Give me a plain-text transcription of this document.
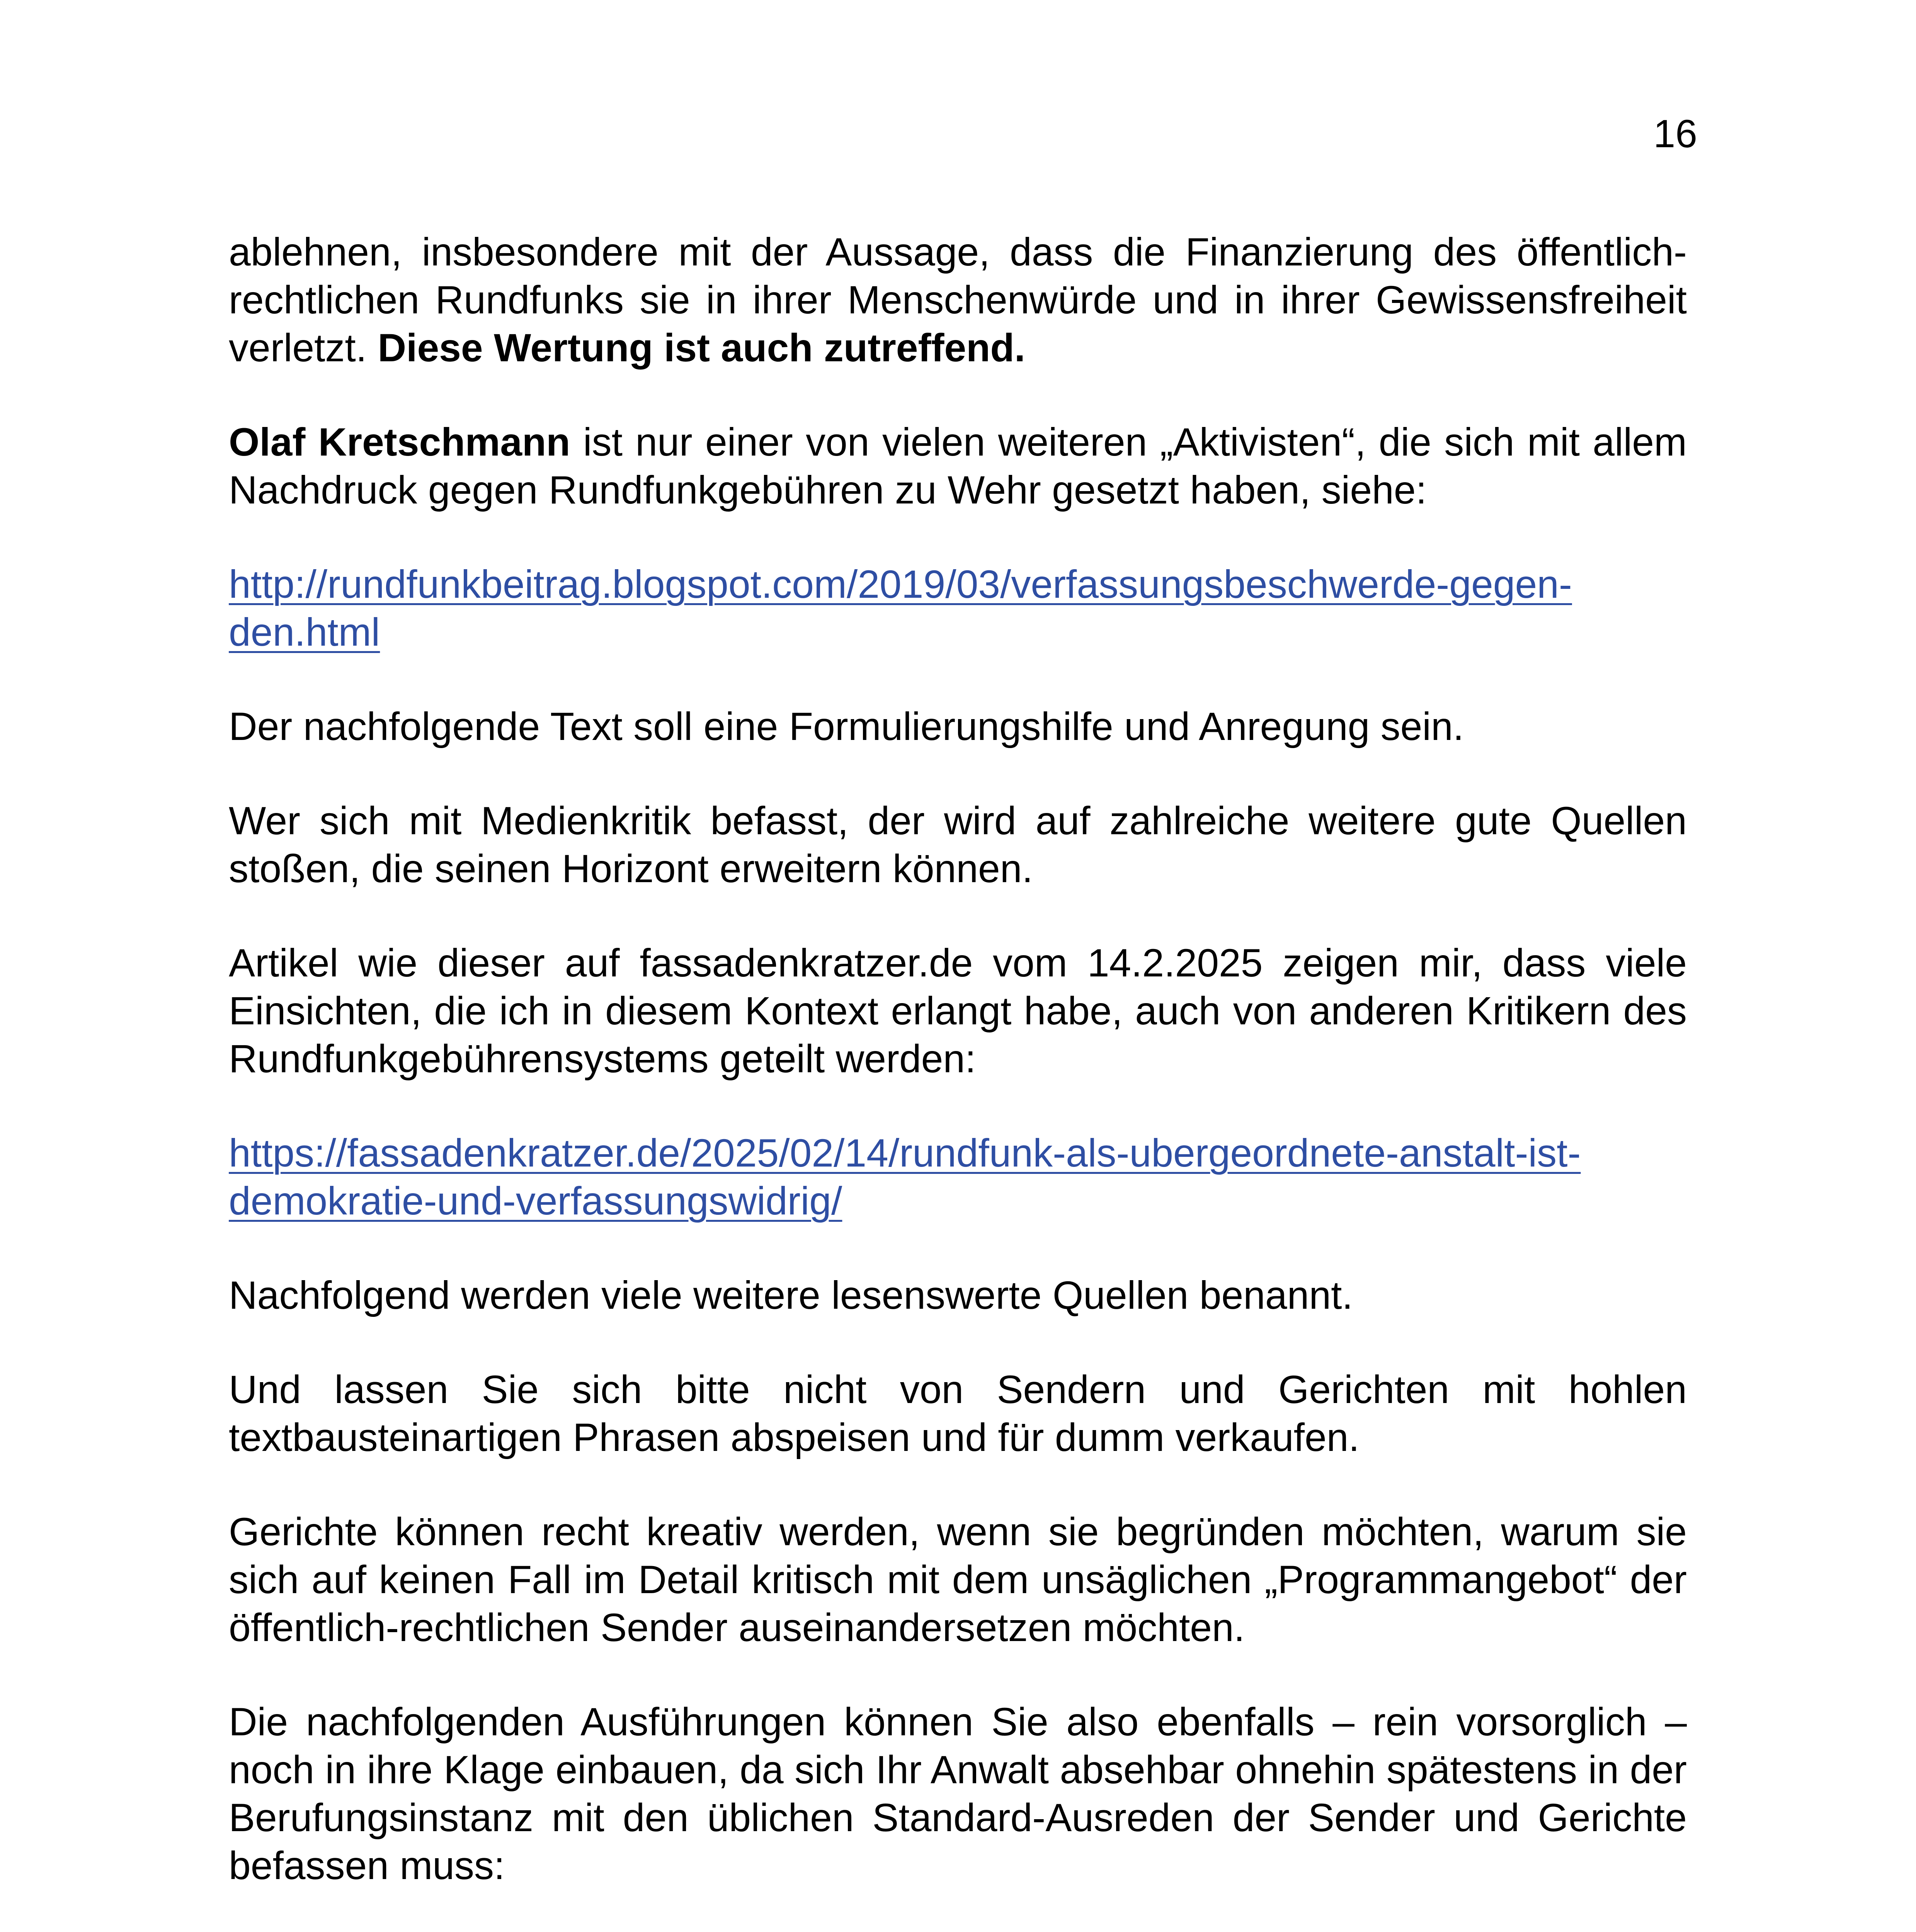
16

ablehnen, insbesondere mit der Aussage, dass die Finanzierung des öffentlich-rechtlichen Rundfunks sie in ihrer Menschenwürde und in ihrer Gewissensfreiheit verletzt. Diese Wertung ist auch zutreffend.

Olaf Kretschmann ist nur einer von vielen weiteren „Aktivisten“, die sich mit allem Nachdruck gegen Rundfunkgebühren zu Wehr gesetzt haben, siehe:

http://rundfunkbeitrag.blogspot.com/2019/03/verfassungsbeschwerde-gegen-
den.html

Der nachfolgende Text soll eine Formulierungshilfe und Anregung sein.

Wer sich mit Medienkritik befasst, der wird auf zahlreiche weitere gute Quellen stoßen, die seinen Horizont erweitern können.

Artikel wie dieser auf fassadenkratzer.de vom 14.2.2025 zeigen mir, dass viele Einsichten, die ich in diesem Kontext erlangt habe, auch von anderen Kritikern des Rundfunkgebührensystems geteilt werden:

https://fassadenkratzer.de/2025/02/14/rundfunk-als-ubergeordnete-anstalt-ist-
demokratie-und-verfassungswidrig/

Nachfolgend werden viele weitere lesenswerte Quellen benannt.

Und lassen Sie sich bitte nicht von Sendern und Gerichten mit hohlen textbausteinartigen Phrasen abspeisen und für dumm verkaufen.

Gerichte können recht kreativ werden, wenn sie begründen möchten, warum sie sich auf keinen Fall im Detail kritisch mit dem unsäglichen „Programmangebot“ der öffentlich-rechtlichen Sender auseinandersetzen möchten.

Die nachfolgenden Ausführungen können Sie also ebenfalls – rein vorsorglich – noch in ihre Klage einbauen, da sich Ihr Anwalt absehbar ohnehin spätestens in der Berufungsinstanz mit den üblichen Standard-Ausreden der Sender und Gerichte befassen muss:
